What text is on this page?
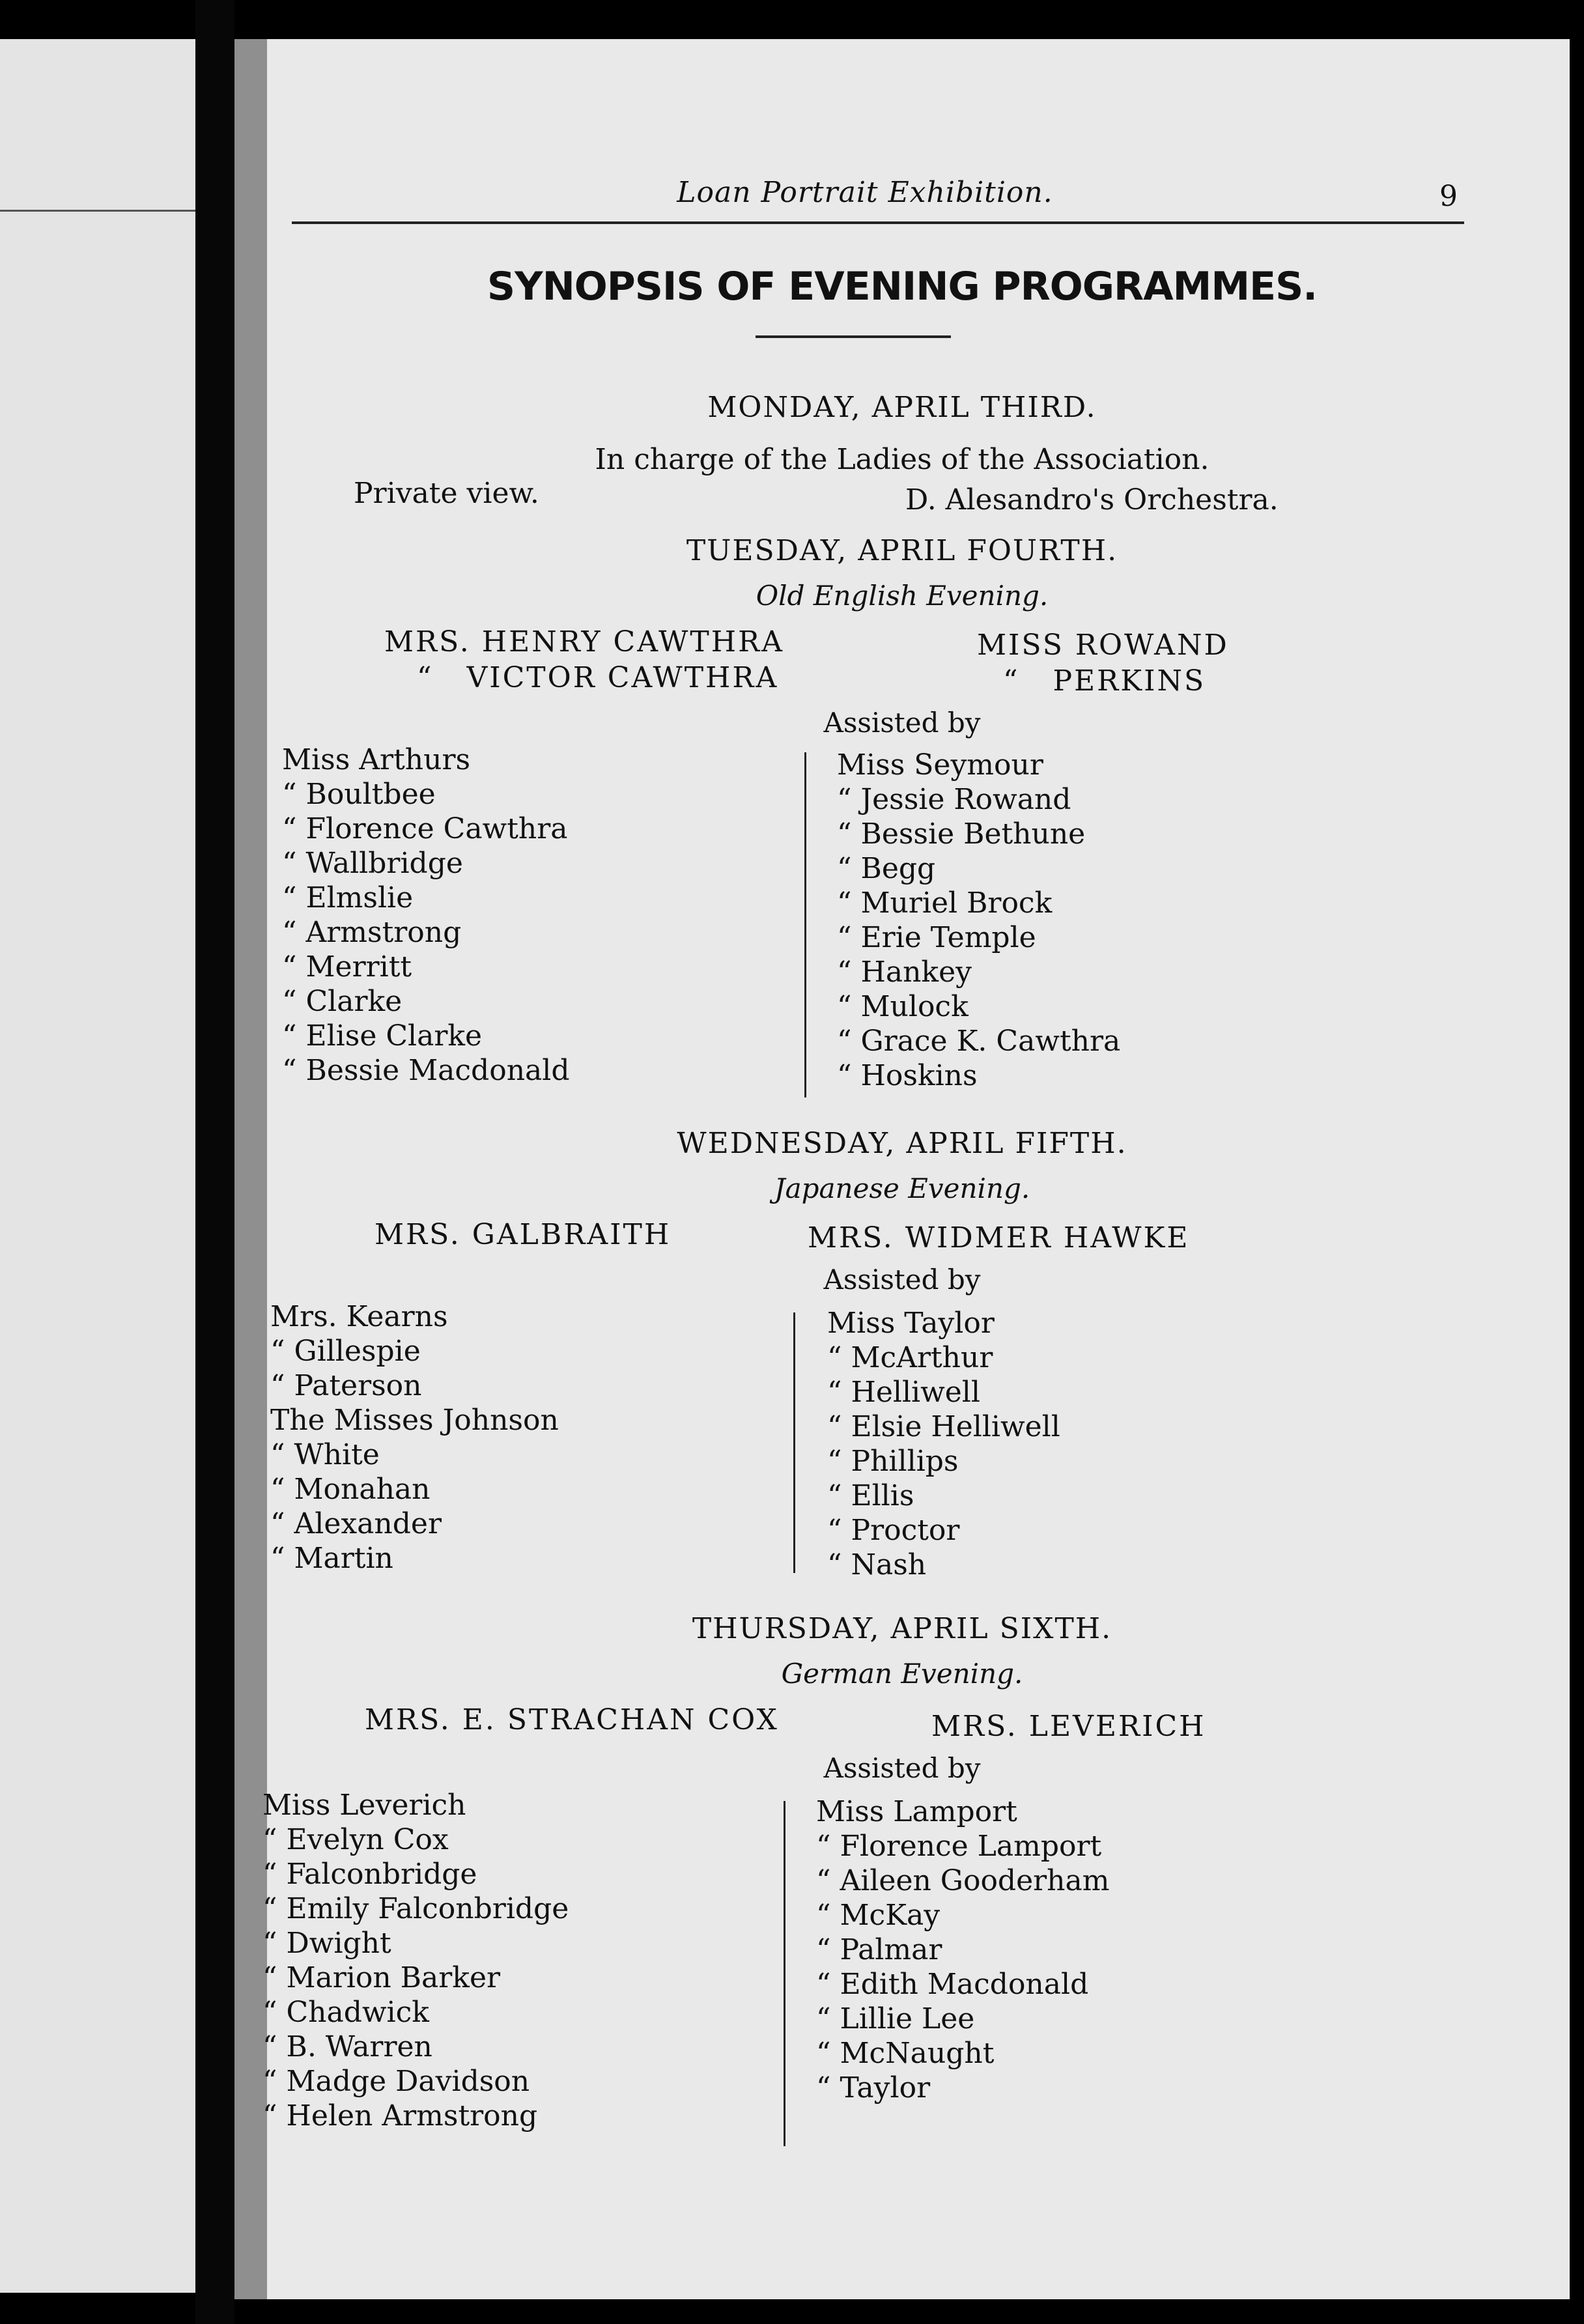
Loan Portrait Exhibition.	9
SYNOPSIS OF EVENING PROGRAMMES.
MONDAY, APRIL THIRD.
In charge of the Ladies of the Association.
Private view.	D. Alesandro's Orchestra.
TUESDAY, APRIL FOURTH.
Old English Evening.
MRS. HENRY CAWTHRA
“   VICTOR CAWTHRA
MISS ROWAND
“   PERKINS
Assisted by
Miss Arthurs
“ Boultbee
“ Florence Cawthra
“ Wallbridge
“ Elmslie
“ Armstrong
“ Merritt
“ Clarke
“ Elise Clarke
“ Bessie Macdonald
Miss Seymour
“ Jessie Rowand
“ Bessie Bethune
“ Begg
“ Muriel Brock
“ Erie Temple
“ Hankey
“ Mulock
“ Grace K. Cawthra
“ Hoskins
WEDNESDAY, APRIL FIFTH.
Japanese Evening.
MRS. GALBRAITH	MRS. WIDMER HAWKE
Assisted by
Mrs. Kearns
“ Gillespie
“ Paterson
The Misses Johnson
“ White
“ Monahan
“ Alexander
“ Martin
Miss Taylor
“ McArthur
“ Helliwell
“ Elsie Helliwell
“ Phillips
“ Ellis
“ Proctor
“ Nash
THURSDAY, APRIL SIXTH.
German Evening.
MRS. E. STRACHAN COX	MRS. LEVERICH
Assisted by
Miss Leverich
“ Evelyn Cox
“ Falconbridge
“ Emily Falconbridge
“ Dwight
“ Marion Barker
“ Chadwick
“ B. Warren
“ Madge Davidson
“ Helen Armstrong
Miss Lamport
“ Florence Lamport
“ Aileen Gooderham
“ McKay
“ Palmar
“ Edith Macdonald
“ Lillie Lee
“ McNaught
“ Taylor
